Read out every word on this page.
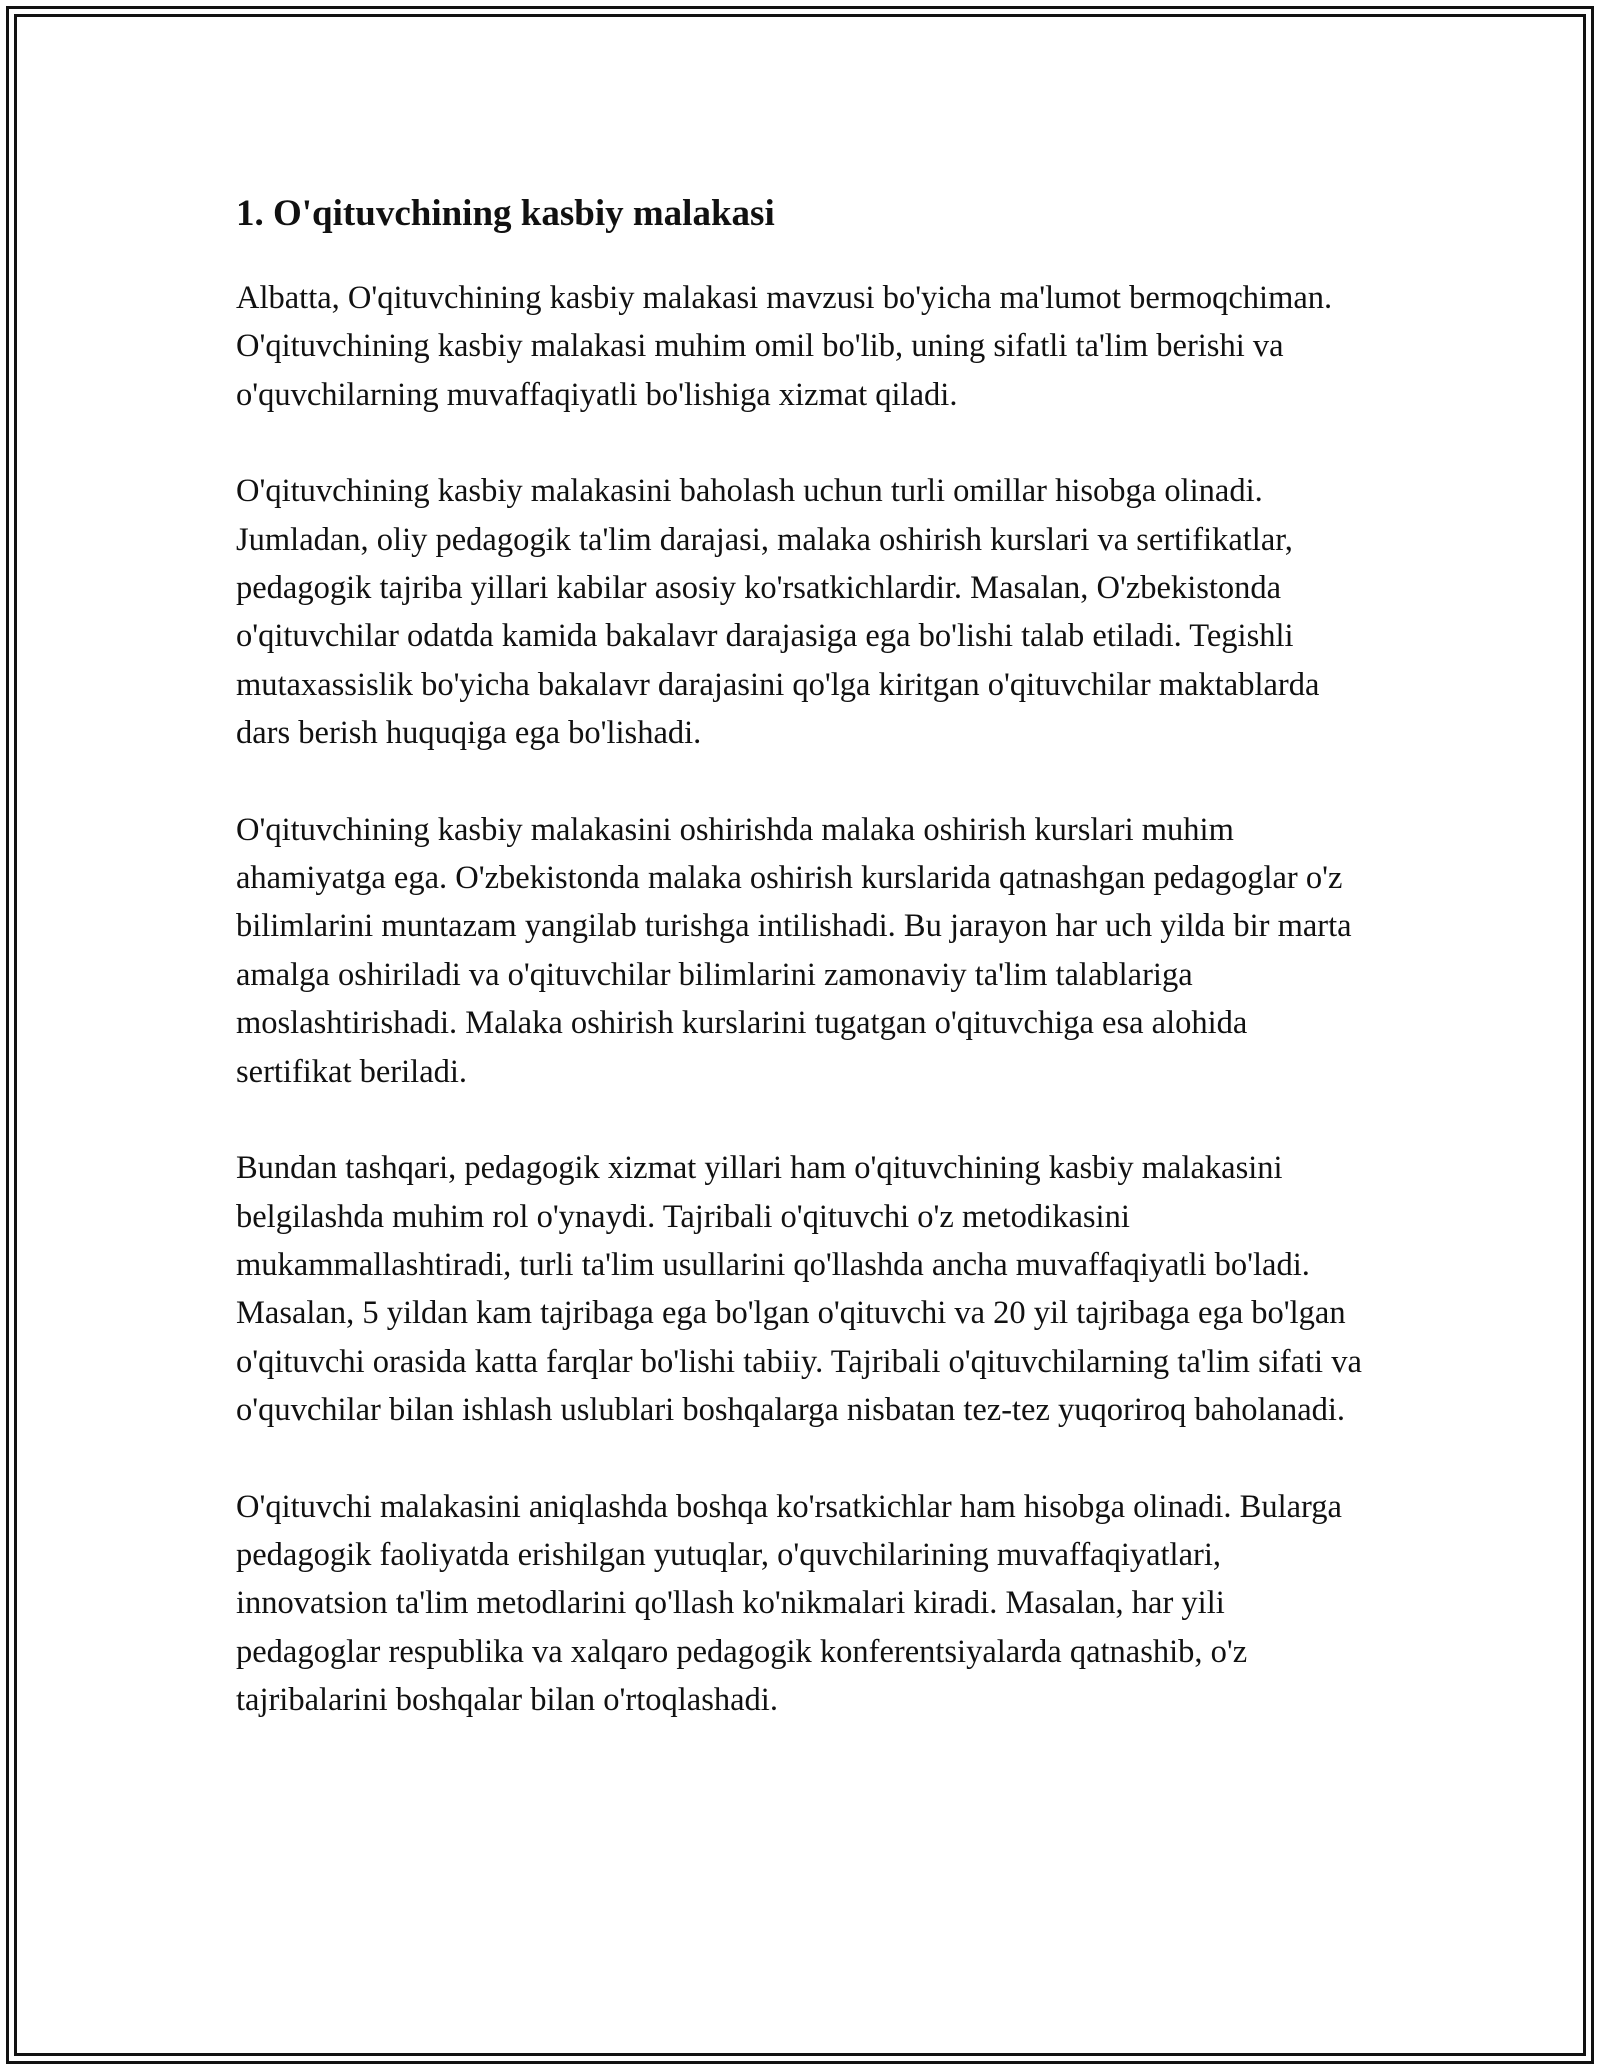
1. O'qituvchining kasbiy malakasi

Albatta, O'qituvchining kasbiy malakasi mavzusi bo'yicha ma'lumot bermoqchiman. O'qituvchining kasbiy malakasi muhim omil bo'lib, uning sifatli ta'lim berishi va o'quvchilarning muvaffaqiyatli bo'lishiga xizmat qiladi.

O'qituvchining kasbiy malakasini baholash uchun turli omillar hisobga olinadi. Jumladan, oliy pedagogik ta'lim darajasi, malaka oshirish kurslari va sertifikatlar, pedagogik tajriba yillari kabilar asosiy ko'rsatkichlardir. Masalan, O'zbekistonda o'qituvchilar odatda kamida bakalavr darajasiga ega bo'lishi talab etiladi. Tegishli mutaxassislik bo'yicha bakalavr darajasini qo'lga kiritgan o'qituvchilar maktablarda dars berish huquqiga ega bo'lishadi.

O'qituvchining kasbiy malakasini oshirishda malaka oshirish kurslari muhim ahamiyatga ega. O'zbekistonda malaka oshirish kurslarida qatnashgan pedagoglar o'z bilimlarini muntazam yangilab turishga intilishadi. Bu jarayon har uch yilda bir marta amalga oshiriladi va o'qituvchilar bilimlarini zamonaviy ta'lim talablariga moslashtirishadi. Malaka oshirish kurslarini tugatgan o'qituvchiga esa alohida sertifikat beriladi.

Bundan tashqari, pedagogik xizmat yillari ham o'qituvchining kasbiy malakasini belgilashda muhim rol o'ynaydi. Tajribali o'qituvchi o'z metodikasini mukammallashtiradi, turli ta'lim usullarini qo'llashda ancha muvaffaqiyatli bo'ladi. Masalan, 5 yildan kam tajribaga ega bo'lgan o'qituvchi va 20 yil tajribaga ega bo'lgan o'qituvchi orasida katta farqlar bo'lishi tabiiy. Tajribali o'qituvchilarning ta'lim sifati va o'quvchilar bilan ishlash uslublari boshqalarga nisbatan tez-tez yuqoriroq baholanadi.

O'qituvchi malakasini aniqlashda boshqa ko'rsatkichlar ham hisobga olinadi. Bularga pedagogik faoliyatda erishilgan yutuqlar, o'quvchilarining muvaffaqiyatlari, innovatsion ta'lim metodlarini qo'llash ko'nikmalari kiradi. Masalan, har yili pedagoglar respublika va xalqaro pedagogik konferentsiyalarda qatnashib, o'z tajribalarini boshqalar bilan o'rtoqlashadi.
